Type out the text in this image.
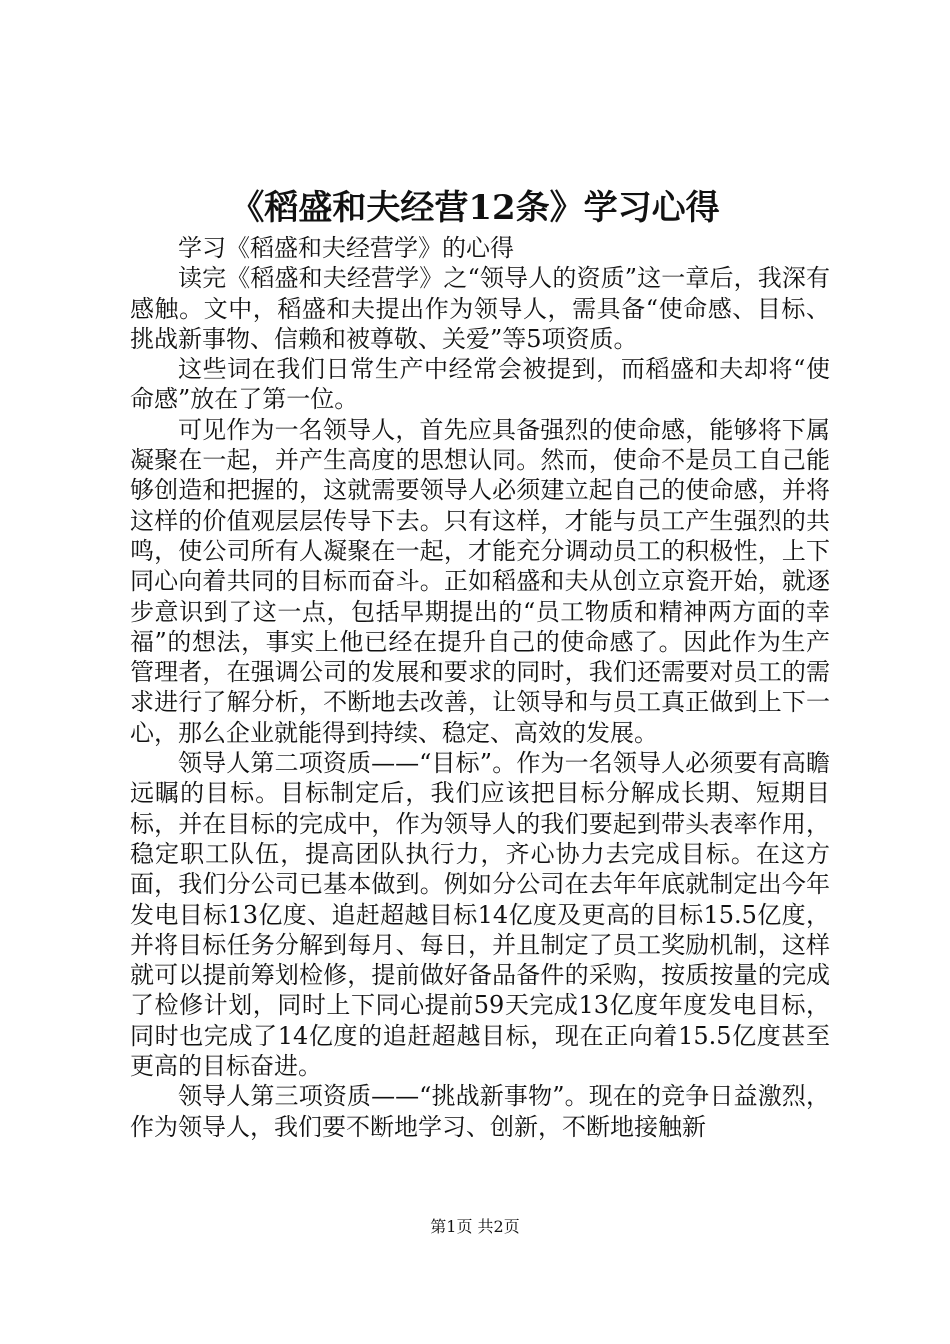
《稻盛和夫经营12条》学习心得

学习《稻盛和夫经营学》的心得

读完《稻盛和夫经营学》之“领导人的资质”这一章后，我深有感触。文中，稻盛和夫提出作为领导人，需具备“使命感、目标、挑战新事物、信赖和被尊敬、关爱”等5项资质。

这些词在我们日常生产中经常会被提到，而稻盛和夫却将“使命感”放在了第一位。

可见作为一名领导人，首先应具备强烈的使命感，能够将下属凝聚在一起，并产生高度的思想认同。然而，使命不是员工自己能够创造和把握的，这就需要领导人必须建立起自己的使命感，并将这样的价值观层层传导下去。只有这样，才能与员工产生强烈的共鸣，使公司所有人凝聚在一起，才能充分调动员工的积极性，上下同心向着共同的目标而奋斗。正如稻盛和夫从创立京瓷开始，就逐步意识到了这一点，包括早期提出的“员工物质和精神两方面的幸福”的想法，事实上他已经在提升自己的使命感了。因此作为生产管理者，在强调公司的发展和要求的同时，我们还需要对员工的需求进行了解分析，不断地去改善，让领导和与员工真正做到上下一心，那么企业就能得到持续、稳定、高效的发展。

领导人第二项资质——“目标”。作为一名领导人必须要有高瞻远瞩的目标。目标制定后，我们应该把目标分解成长期、短期目标，并在目标的完成中，作为领导人的我们要起到带头表率作用，稳定职工队伍，提高团队执行力，齐心协力去完成目标。在这方面，我们分公司已基本做到。例如分公司在去年年底就制定出今年发电目标13亿度、追赶超越目标14亿度及更高的目标15.5亿度，并将目标任务分解到每月、每日，并且制定了员工奖励机制，这样就可以提前筹划检修，提前做好备品备件的采购，按质按量的完成了检修计划，同时上下同心提前59天完成13亿度年度发电目标，同时也完成了14亿度的追赶超越目标，现在正向着15.5亿度甚至更高的目标奋进。

领导人第三项资质——“挑战新事物”。现在的竞争日益激烈，作为领导人，我们要不断地学习、创新，不断地接触新

第1页 共2页
